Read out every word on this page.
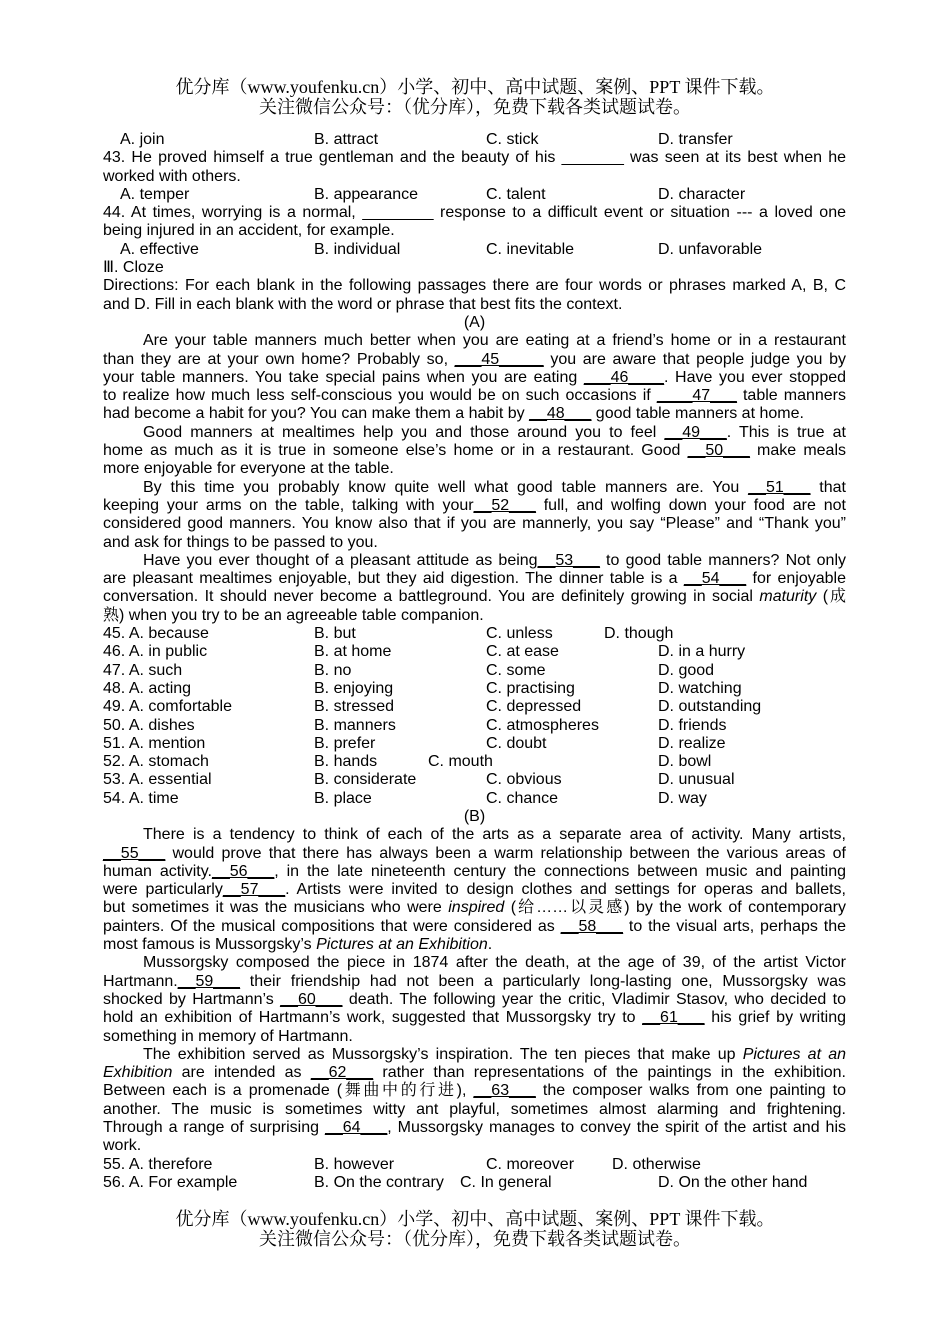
优分库（www.youfenku.cn）小学、初中、高中试题、案例、PPT 课件下载。
关注微信公众号：（优分库），免费下载各类试题试卷。
A. join	B. attract	C. stick	D. transfer
43. He proved himself a true gentleman and the beauty of his _______ was seen at its best when he
worked with others.
A. temper	B. appearance	C. talent	D. character
44. At times, worrying is a normal, ________ response to a difficult event or situation --- a loved one
being injured in an accident, for example.
A. effective	B. individual	C. inevitable	D. unfavorable
Ⅲ. Cloze
Directions: For each blank in the following passages there are four words or phrases marked A, B, C
and D. Fill in each blank with the word or phrase that best fits the context.
(A)
Are your table manners much better when you are eating at a friend’s home or in a restaurant
than they are at your own home? Probably so, ___45_____ you are aware that people judge you by
your table manners. You take special pains when you are eating ___46____. Have you ever stopped
to realize how much less self-conscious you would be on such occasions if ____47___ table manners
had become a habit for you? You can make them a habit by __48___ good table manners at home.
Good manners at mealtimes help you and those around you to feel __49___. This is true at
home as much as it is true in someone else’s home or in a restaurant. Good __50___ make meals
more enjoyable for everyone at the table.
By this time you probably know quite well what good table manners are. You __51___ that
keeping your arms on the table, talking with your__52___ full, and wolfing down your food are not
considered good manners. You know also that if you are mannerly, you say “Please” and “Thank you”
and ask for things to be passed to you.
Have you ever thought of a pleasant attitude as being__53___ to good table manners? Not only
are pleasant mealtimes enjoyable, but they aid digestion. The dinner table is a __54___ for enjoyable
conversation. It should never become a battleground. You are definitely growing in social maturity (成
熟) when you try to be an agreeable table companion.
45. A. because	B. but	C. unless	D. though
46. A. in public	B. at home	C. at ease	D. in a hurry
47. A. such	B. no	C. some	D. good
48. A. acting	B. enjoying	C. practising	D. watching
49. A. comfortable	B. stressed	C. depressed	D. outstanding
50. A. dishes	B. manners	C. atmospheres	D. friends
51. A. mention	B. prefer	C. doubt	D. realize
52. A. stomach	B. hands	C. mouth	D. bowl
53. A. essential	B. considerate	C. obvious	D. unusual
54. A. time	B. place	C. chance	D. way
(B)
There is a tendency to think of each of the arts as a separate area of activity. Many artists,
__55___ would prove that there has always been a warm relationship between the various areas of
human activity.__56___, in the late nineteenth century the connections between music and painting
were particularly__57___. Artists were invited to design clothes and settings for operas and ballets,
but sometimes it was the musicians who were inspired (给……以灵感) by the work of contemporary
painters. Of the musical compositions that were considered as __58___ to the visual arts, perhaps the
most famous is Mussorgsky’s Pictures at an Exhibition.
Mussorgsky composed the piece in 1874 after the death, at the age of 39, of the artist Victor
Hartmann.__59___ their friendship had not been a particularly long-lasting one, Mussorgsky was
shocked by Hartmann’s __60___ death. The following year the critic, Vladimir Stasov, who decided to
hold an exhibition of Hartmann’s work, suggested that Mussorgsky try to __61___ his grief by writing
something in memory of Hartmann.
The exhibition served as Mussorgsky’s inspiration. The ten pieces that make up Pictures at an
Exhibition are intended as __62___ rather than representations of the paintings in the exhibition.
Between each is a promenade (舞曲中的行进), __63___ the composer walks from one painting to
another. The music is sometimes witty ant playful, sometimes almost alarming and frightening.
Through a range of surprising __64___, Mussorgsky manages to convey the spirit of the artist and his
work.
55. A. therefore	B. however	C. moreover D. otherwise
56. A. For example	B. On the contrary C. In general	D. On the other hand
优分库（www.youfenku.cn）小学、初中、高中试题、案例、PPT 课件下载。
关注微信公众号：（优分库），免费下载各类试题试卷。
